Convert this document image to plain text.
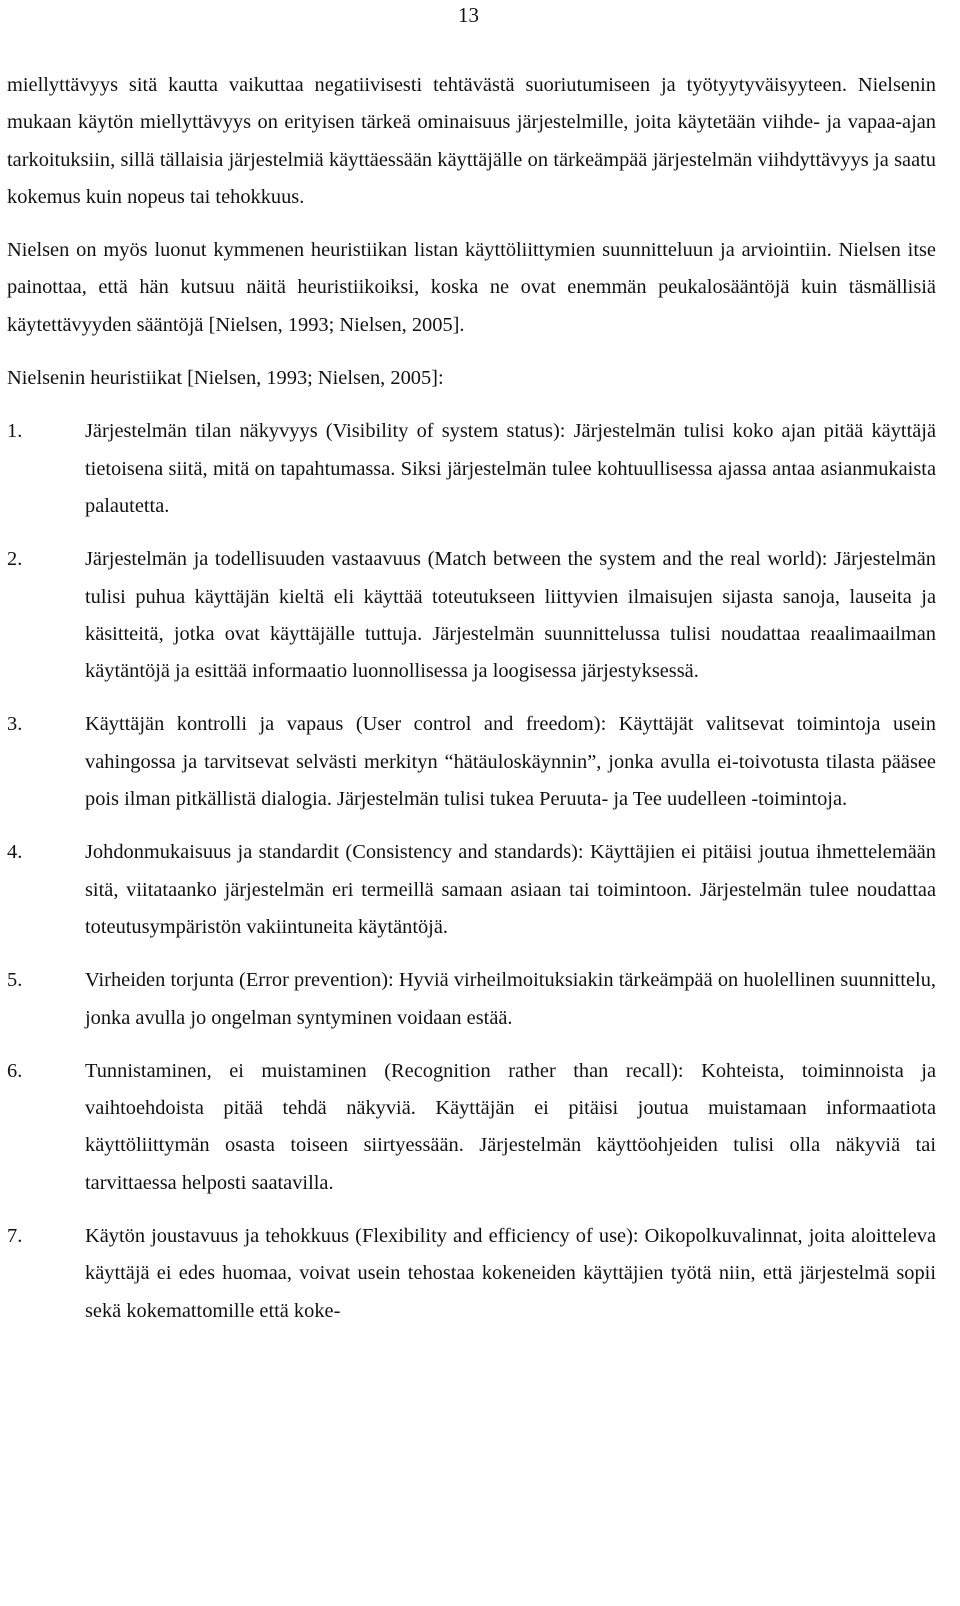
13

miellyttävyys sitä kautta vaikuttaa negatiivisesti tehtävästä suoriutumiseen ja työtyytyväisyyteen. Nielsenin mukaan käytön miellyttävyys on erityisen tärkeä ominaisuus järjestelmille, joita käytetään viihde- ja vapaa-ajan tarkoituksiin, sillä tällaisia järjestelmiä käyttäessään käyttäjälle on tärkeämpää järjestelmän viihdyttävyys ja saatu kokemus kuin nopeus tai tehokkuus.

Nielsen on myös luonut kymmenen heuristiikan listan käyttöliittymien suunnitteluun ja arviointiin. Nielsen itse painottaa, että hän kutsuu näitä heuristiikoiksi, koska ne ovat enemmän peukalosääntöjä kuin täsmällisiä käytettävyyden sääntöjä [Nielsen, 1993; Nielsen, 2005].

Nielsenin heuristiikat [Nielsen, 1993; Nielsen, 2005]:

1.	Järjestelmän tilan näkyvyys (Visibility of system status): Järjestelmän tulisi koko ajan pitää käyttäjä tietoisena siitä, mitä on tapahtumassa. Siksi järjestelmän tulee kohtuullisessa ajassa antaa asianmukaista palautetta.
2.	Järjestelmän ja todellisuuden vastaavuus (Match between the system and the real world): Järjestelmän tulisi puhua käyttäjän kieltä eli käyttää toteutukseen liittyvien ilmaisujen sijasta sanoja, lauseita ja käsitteitä, jotka ovat käyttäjälle tuttuja. Järjestelmän suunnittelussa tulisi noudattaa reaalimaailman käytäntöjä ja esittää informaatio luonnollisessa ja loogisessa järjestyksessä.
3.	Käyttäjän kontrolli ja vapaus (User control and freedom): Käyttäjät valitsevat toimintoja usein vahingossa ja tarvitsevat selvästi merkityn “hätäuloskäynnin”, jonka avulla ei-toivotusta tilasta pääsee pois ilman pitkällistä dialogia. Järjestelmän tulisi tukea Peruuta- ja Tee uudelleen -toimintoja.
4.	Johdonmukaisuus ja standardit (Consistency and standards): Käyttäjien ei pitäisi joutua ihmettelemään sitä, viitataanko järjestelmän eri termeillä samaan asiaan tai toimintoon. Järjestelmän tulee noudattaa toteutusympäristön vakiintuneita käytäntöjä.
5.	Virheiden torjunta (Error prevention): Hyviä virheilmoituksiakin tärkeämpää on huolellinen suunnittelu, jonka avulla jo ongelman syntyminen voidaan estää.
6.	Tunnistaminen, ei muistaminen (Recognition rather than recall): Kohteista, toiminnoista ja vaihtoehdoista pitää tehdä näkyviä. Käyttäjän ei pitäisi joutua muistamaan informaatiota käyttöliittymän osasta toiseen siirtyessään. Järjestelmän käyttöohjeiden tulisi olla näkyviä tai tarvittaessa helposti saatavilla.
7.	Käytön joustavuus ja tehokkuus (Flexibility and efficiency of use): Oikopolkuvalinnat, joita aloitteleva käyttäjä ei edes huomaa, voivat usein tehostaa kokeneiden käyttäjien työtä niin, että järjestelmä sopii sekä kokemattomille että koke-
